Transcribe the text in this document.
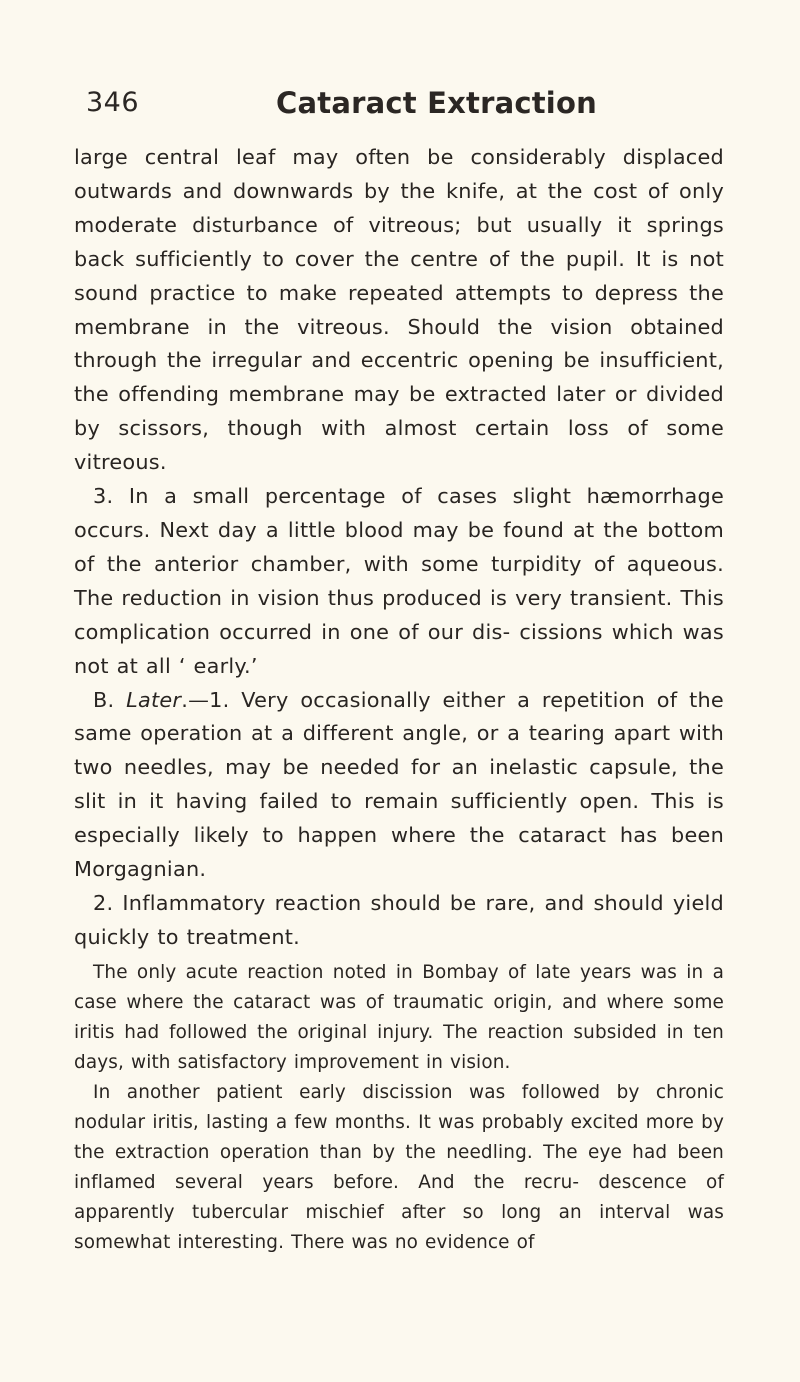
346	Cataract Extraction

large central leaf may often be considerably displaced outwards and downwards by the knife, at the cost of only moderate disturbance of vitreous; but usually it springs back sufficiently to cover the centre of the pupil. It is not sound practice to make repeated attempts to depress the membrane in the vitreous. Should the vision obtained through the irregular and eccentric opening be insufficient, the offending membrane may be extracted later or divided by scissors, though with almost certain loss of some vitreous.

3. In a small percentage of cases slight hæmorrhage occurs. Next day a little blood may be found at the bottom of the anterior chamber, with some turpidity of aqueous. The reduction in vision thus produced is very transient. This complication occurred in one of our dis- cissions which was not at all ‘ early.’

B. Later.—1. Very occasionally either a repetition of the same operation at a different angle, or a tearing apart with two needles, may be needed for an inelastic capsule, the slit in it having failed to remain sufficiently open. This is especially likely to happen where the cataract has been Morgagnian.

2. Inflammatory reaction should be rare, and should yield quickly to treatment.

The only acute reaction noted in Bombay of late years was in a case where the cataract was of traumatic origin, and where some iritis had followed the original injury. The reaction subsided in ten days, with satisfactory improvement in vision.

In another patient early discission was followed by chronic nodular iritis, lasting a few months. It was probably excited more by the extraction operation than by the needling. The eye had been inflamed several years before. And the recru- descence of apparently tubercular mischief after so long an interval was somewhat interesting. There was no evidence of
